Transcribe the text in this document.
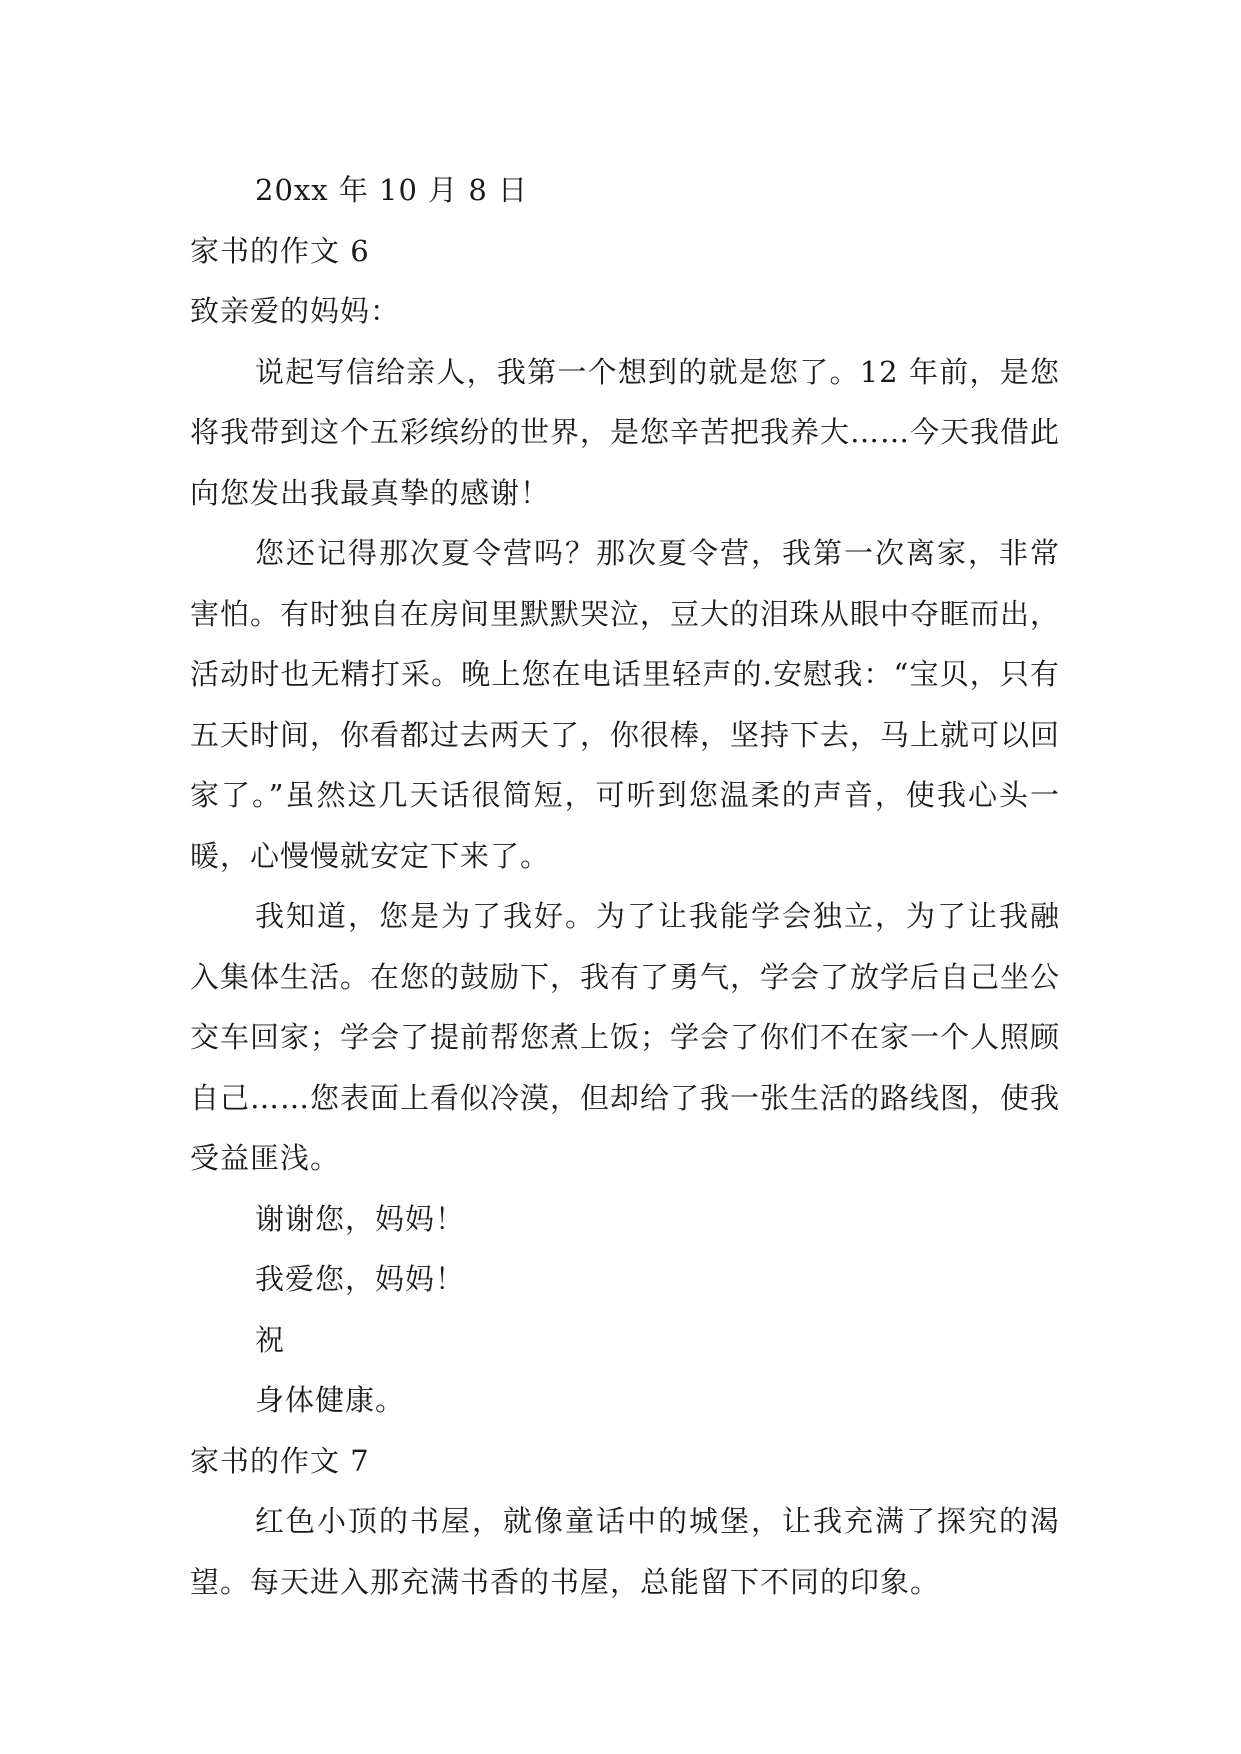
20xx 年 10 月 8 日
家书的作文 6
致亲爱的妈妈：

说起写信给亲人，我第一个想到的就是您了。12 年前，是您将我带到这个五彩缤纷的世界，是您辛苦把我养大……今天我借此向您发出我最真挚的感谢！

您还记得那次夏令营吗？那次夏令营，我第一次离家，非常害怕。有时独自在房间里默默哭泣，豆大的泪珠从眼中夺眶而出，活动时也无精打采。晚上您在电话里轻声的.安慰我：“宝贝，只有五天时间，你看都过去两天了，你很棒，坚持下去，马上就可以回家了。”虽然这几天话很简短，可听到您温柔的声音，使我心头一暖，心慢慢就安定下来了。

我知道，您是为了我好。为了让我能学会独立，为了让我融入集体生活。在您的鼓励下，我有了勇气，学会了放学后自己坐公交车回家；学会了提前帮您煮上饭；学会了你们不在家一个人照顾自己……您表面上看似冷漠，但却给了我一张生活的路线图，使我受益匪浅。

谢谢您，妈妈！
我爱您，妈妈！
祝
身体健康。
家书的作文 7

红色小顶的书屋，就像童话中的城堡，让我充满了探究的渴望。每天进入那充满书香的书屋，总能留下不同的印象。
